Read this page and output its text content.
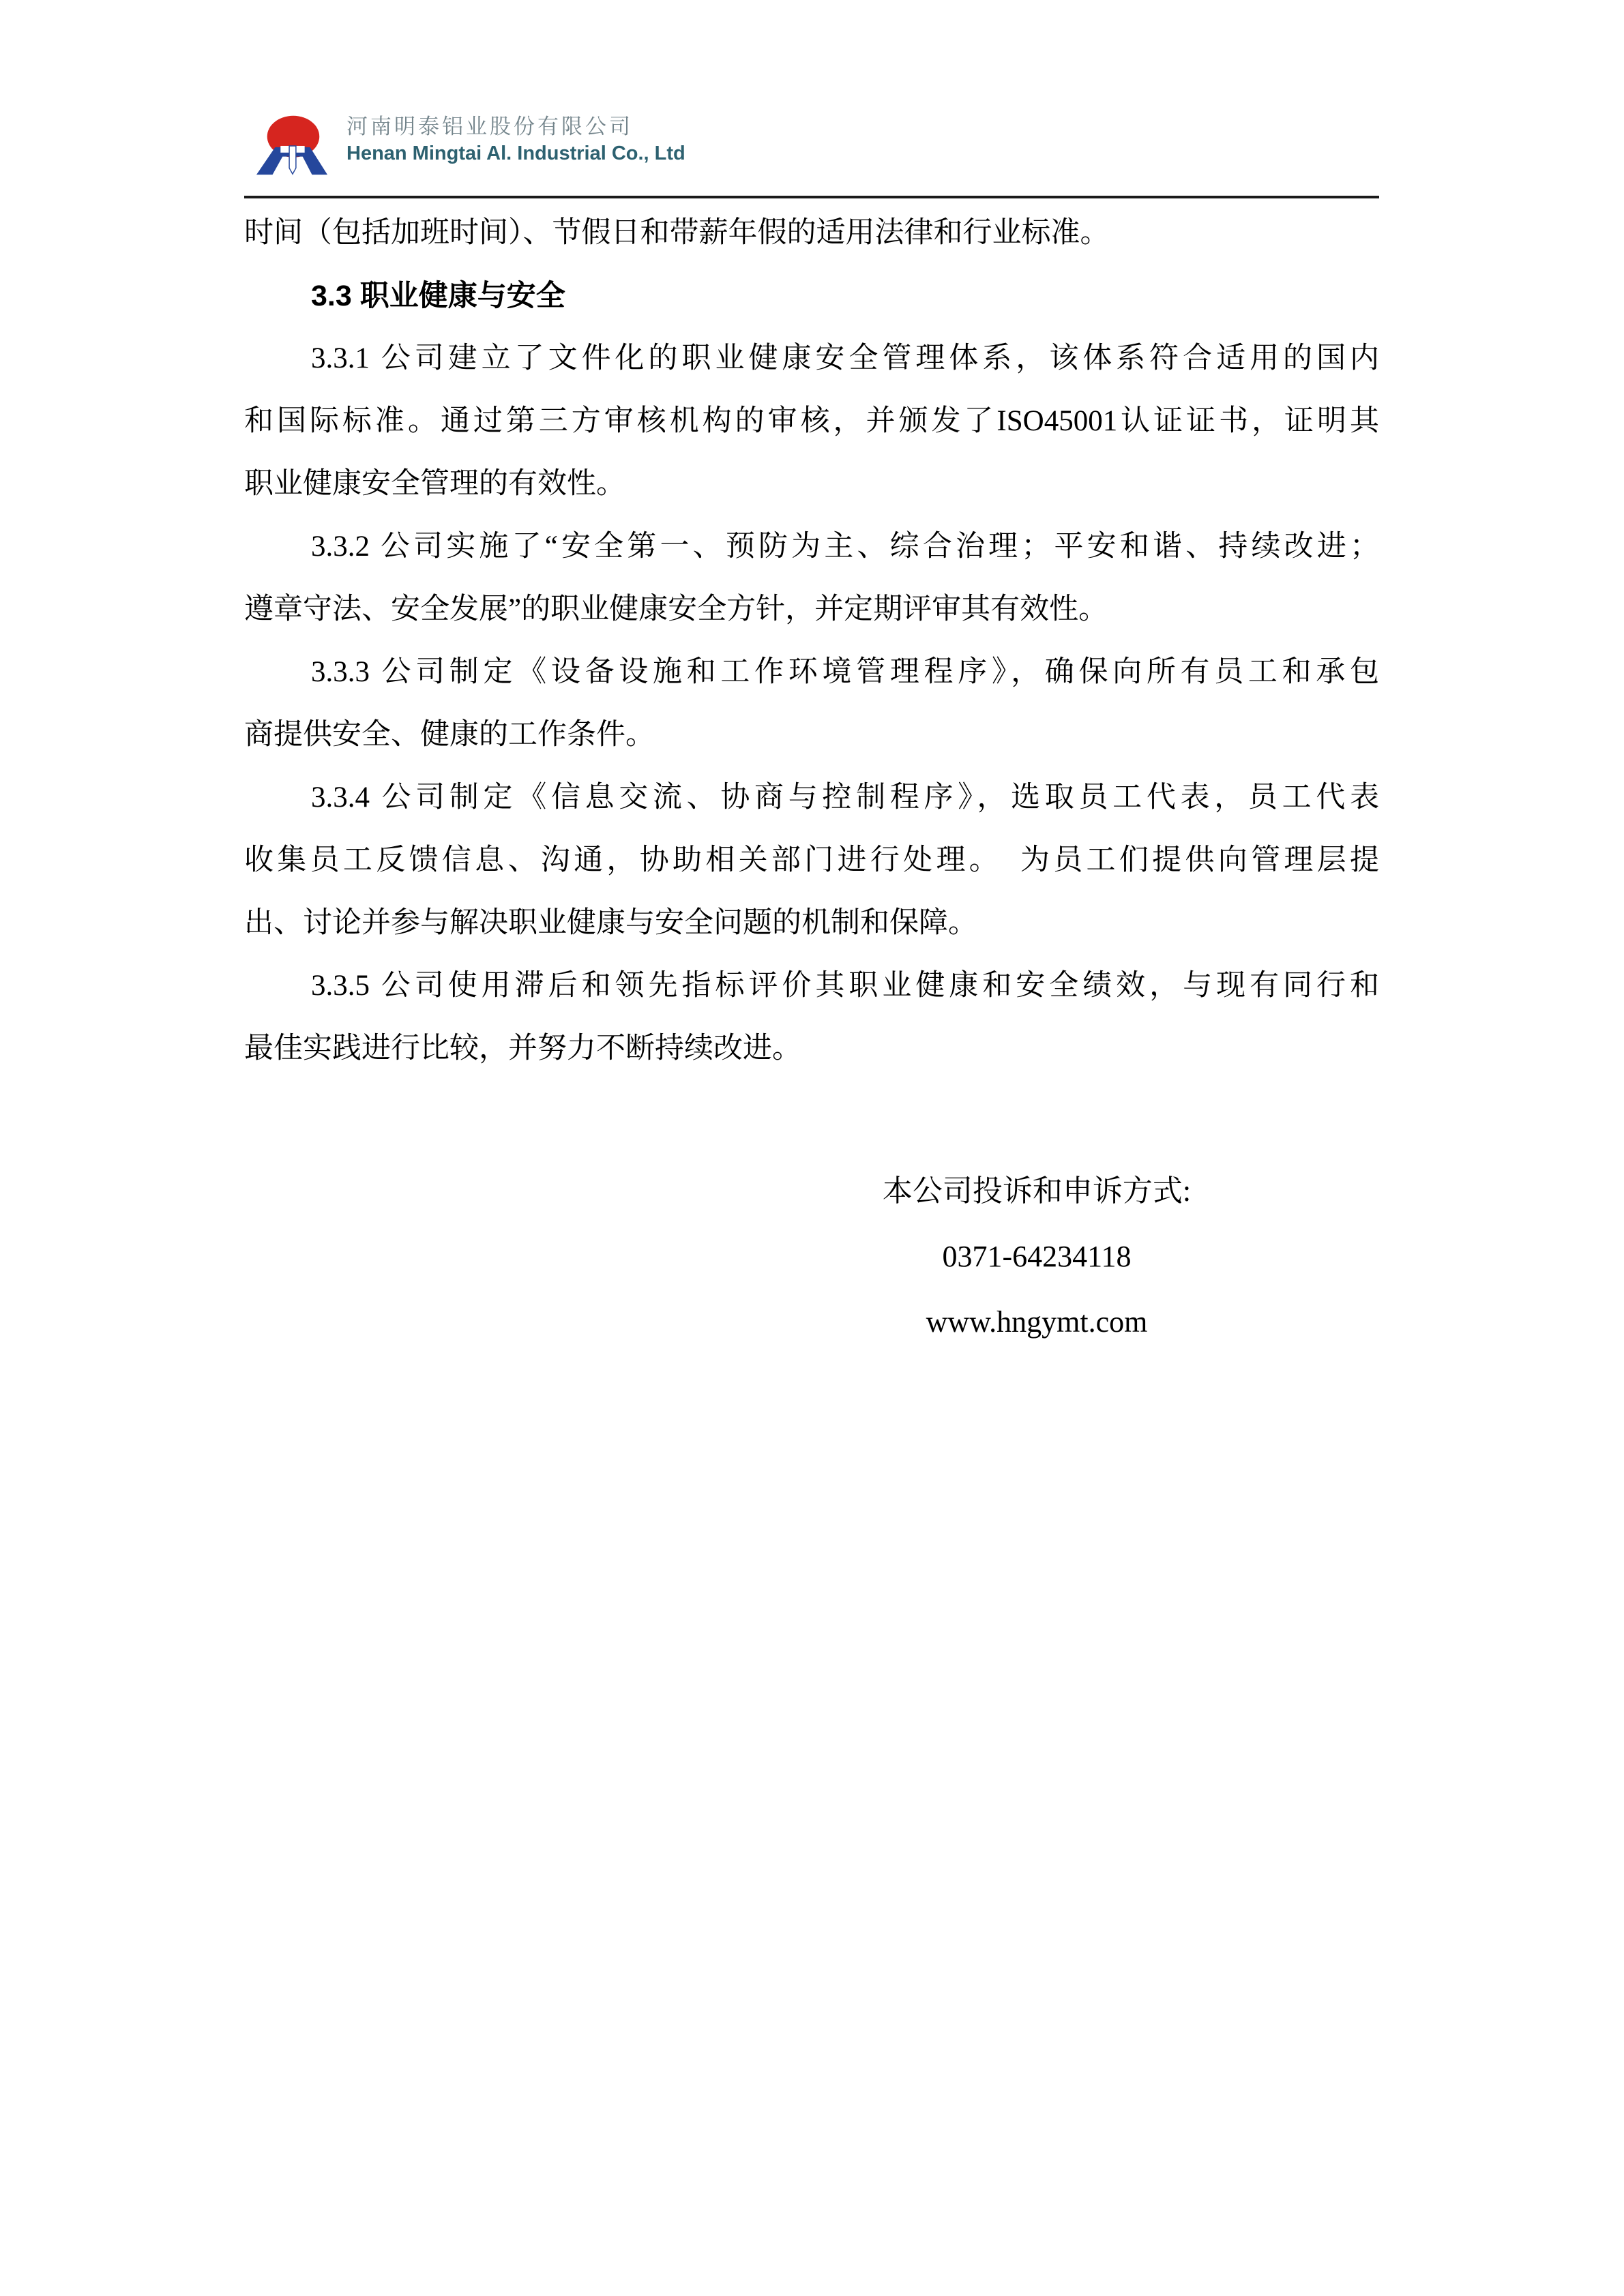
河南明泰铝业股份有限公司
Henan Mingtai Al. Industrial Co., Ltd
时间（包括加班时间）、节假日和带薪年假的适用法律和行业标准。
3.3 职业健康与安全
3.3.1 公司建立了文件化的职业健康安全管理体系，该体系符合适用的国内
和国际标准。通过第三方审核机构的审核，并颁发了ISO45001认证证书，证明其
职业健康安全管理的有效性。
3.3.2 公司实施了“安全第一、预防为主、综合治理；平安和谐、持续改进；
遵章守法、安全发展”的职业健康安全方针，并定期评审其有效性。
3.3.3 公司制定《设备设施和工作环境管理程序》，确保向所有员工和承包
商提供安全、健康的工作条件。
3.3.4 公司制定《信息交流、协商与控制程序》，选取员工代表，员工代表
收集员工反馈信息、沟通，协助相关部门进行处理。　为员工们提供向管理层提
出、讨论并参与解决职业健康与安全问题的机制和保障。
3.3.5 公司使用滞后和领先指标评价其职业健康和安全绩效，与现有同行和
最佳实践进行比较，并努力不断持续改进。
本公司投诉和申诉方式:
0371-64234118
www.hngymt.com
